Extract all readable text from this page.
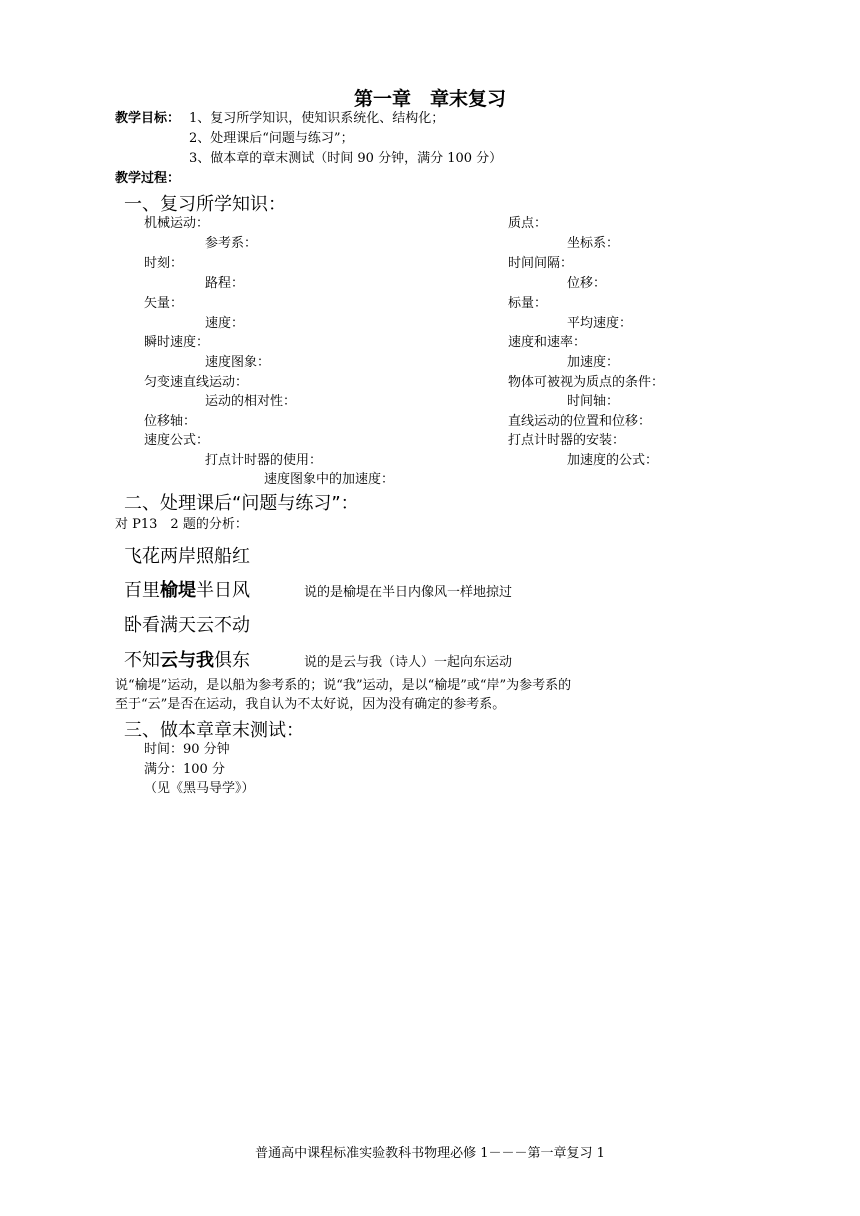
第一章　章末复习
教学目标： 1、复习所学知识，使知识系统化、结构化；
2、处理课后“问题与练习”；
3、做本章的章末测试（时间 90 分钟，满分 100 分）
教学过程：
一、复习所学知识：
机械运动：	质点：
参考系：	坐标系：
时刻：	时间间隔：
路程：	位移：
矢量：	标量：
速度：	平均速度：
瞬时速度：	速度和速率：
速度图象：	加速度：
匀变速直线运动：	物体可被视为质点的条件：
运动的相对性：	时间轴：
位移轴：	直线运动的位置和位移：
速度公式：	打点计时器的安装：
打点计时器的使用：	加速度的公式：
速度图象中的加速度：
二、处理课后“问题与练习”：
对 P13　2 题的分析：
飞花两岸照船红
百里榆堤半日风	说的是榆堤在半日内像风一样地掠过
卧看满天云不动
不知云与我俱东	说的是云与我（诗人）一起向东运动
说“榆堤”运动，是以船为参考系的；说“我”运动，是以“榆堤”或“岸”为参考系的
至于“云”是否在运动，我自认为不太好说，因为没有确定的参考系。
三、做本章章末测试：
时间：90 分钟
满分：100 分
（见《黑马导学》）
普通高中课程标准实验教科书物理必修 1－－－第一章复习 1
